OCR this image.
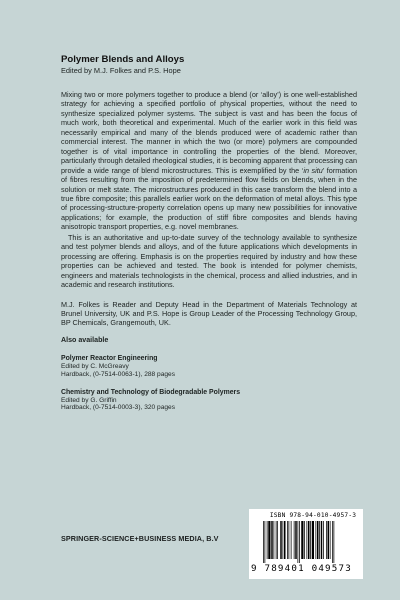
Polymer Blends and Alloys

Edited by M.J. Folkes and P.S. Hope

Mixing two or more polymers together to produce a blend (or ‘alloy’) is one well-established strategy for achieving a specified portfolio of physical properties, without the need to synthesize specialized polymer systems. The subject is vast and has been the focus of much work, both theoretical and experimental. Much of the earlier work in this field was necessarily empirical and many of the blends produced were of academic rather than commercial interest. The manner in which the two (or more) polymers are compounded together is of vital importance in controlling the properties of the blend. Moreover, particularly through detailed rheological studies, it is becoming apparent that processing can provide a wide range of blend microstructures. This is exemplified by the ‘in situ’ formation of fibres resulting from the imposition of predetermined flow fields on blends, when in the solution or melt state. The microstructures produced in this case transform the blend into a true fibre composite; this parallels earlier work on the deformation of metal alloys. This type of processing-structure-property correlation opens up many new possibilities for innovative applications; for example, the production of stiff fibre composites and blends having anisotropic transport properties, e.g. novel membranes.

This is an authoritative and up-to-date survey of the technology available to synthesize and test polymer blends and alloys, and of the future applications which developments in processing are offering. Emphasis is on the properties required by industry and how these properties can be achieved and tested. The book is intended for polymer chemists, engineers and materials technologists in the chemical, process and allied industries, and in academic and research institutions.

M.J. Folkes is Reader and Deputy Head in the Department of Materials Technology at Brunel University, UK and P.S. Hope is Group Leader of the Processing Technology Group, BP Chemicals, Grangemouth, UK.

Also available
Polymer Reactor Engineering
Edited by C. McGreavy
Hardback, (0-7514-0063-1), 288 pages
Chemistry and Technology of Biodegradable Polymers
Edited by G. Griffin
Hardback, (0-7514-0003-3), 320 pages
SPRINGER-SCIENCE+BUSINESS MEDIA, B.V
ISBN 978-94-010-4957-3
9 789401 049573
